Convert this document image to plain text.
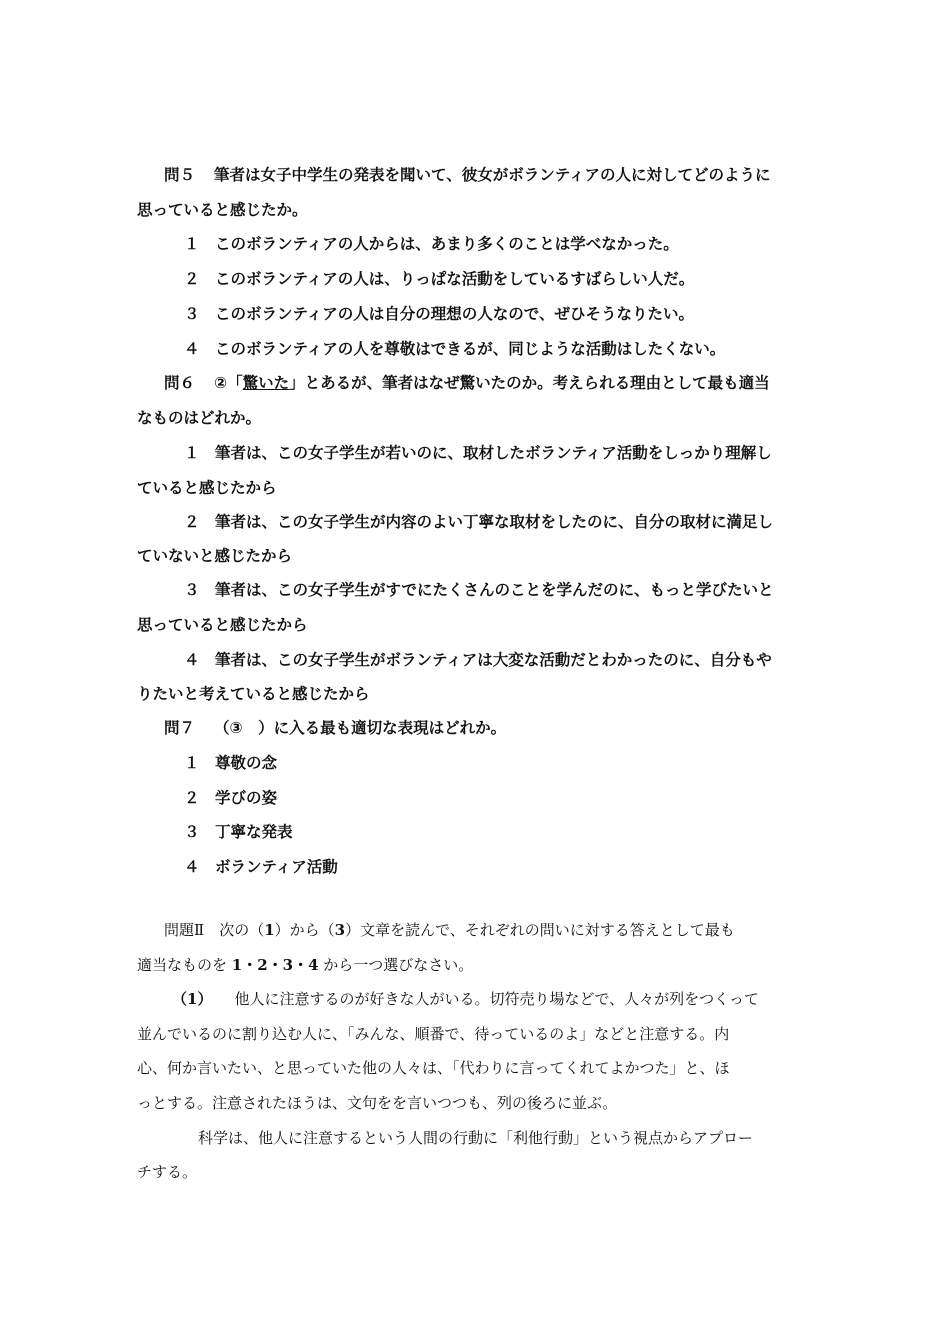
問５ 筆者は女子中学生の発表を聞いて、彼女がボランティアの人に対してどのように
思っていると感じたか。
１ このボランティアの人からは、あまり多くのことは学べなかった。
２ このボランティアの人は、りっぱな活動をしているすばらしい人だ。
３ このボランティアの人は自分の理想の人なので、ぜひそうなりたい。
４ このボランティアの人を尊敬はできるが、同じような活動はしたくない。
問６ ②「驚いた」とあるが、筆者はなぜ驚いたのか。考えられる理由として最も適当
なものはどれか。
１ 筆者は、この女子学生が若いのに、取材したボランティア活動をしっかり理解し
ていると感じたから
２ 筆者は、この女子学生が内容のよい丁寧な取材をしたのに、自分の取材に満足し
ていないと感じたから
３ 筆者は、この女子学生がすでにたくさんのことを学んだのに、もっと学びたいと
思っていると感じたから
４ 筆者は、この女子学生がボランティアは大変な活動だとわかったのに、自分もや
りたいと考えていると感じたから
問７ （③　）に入る最も適切な表現はどれか。
１ 尊敬の念
２ 学びの姿
３ 丁寧な発表
４ ボランティア活動
問題Ⅱ　次の（1）から（3）文章を読んで、それぞれの問いに対する答えとして最も
適当なものを 1・2・3・4 から一つ選びなさい。
（1） 他人に注意するのが好きな人がいる。切符売り場などで、人々が列をつくって
並んでいるのに割り込む人に、「みんな、順番で、待っているのよ」などと注意する。内
心、何か言いたい、と思っていた他の人々は、「代わりに言ってくれてよかつた」と、ほ
っとする。注意されたほうは、文句をを言いつつも、列の後ろに並ぶ。
科学は、他人に注意するという人間の行動に「利他行動」という視点からアプロー
チする。
